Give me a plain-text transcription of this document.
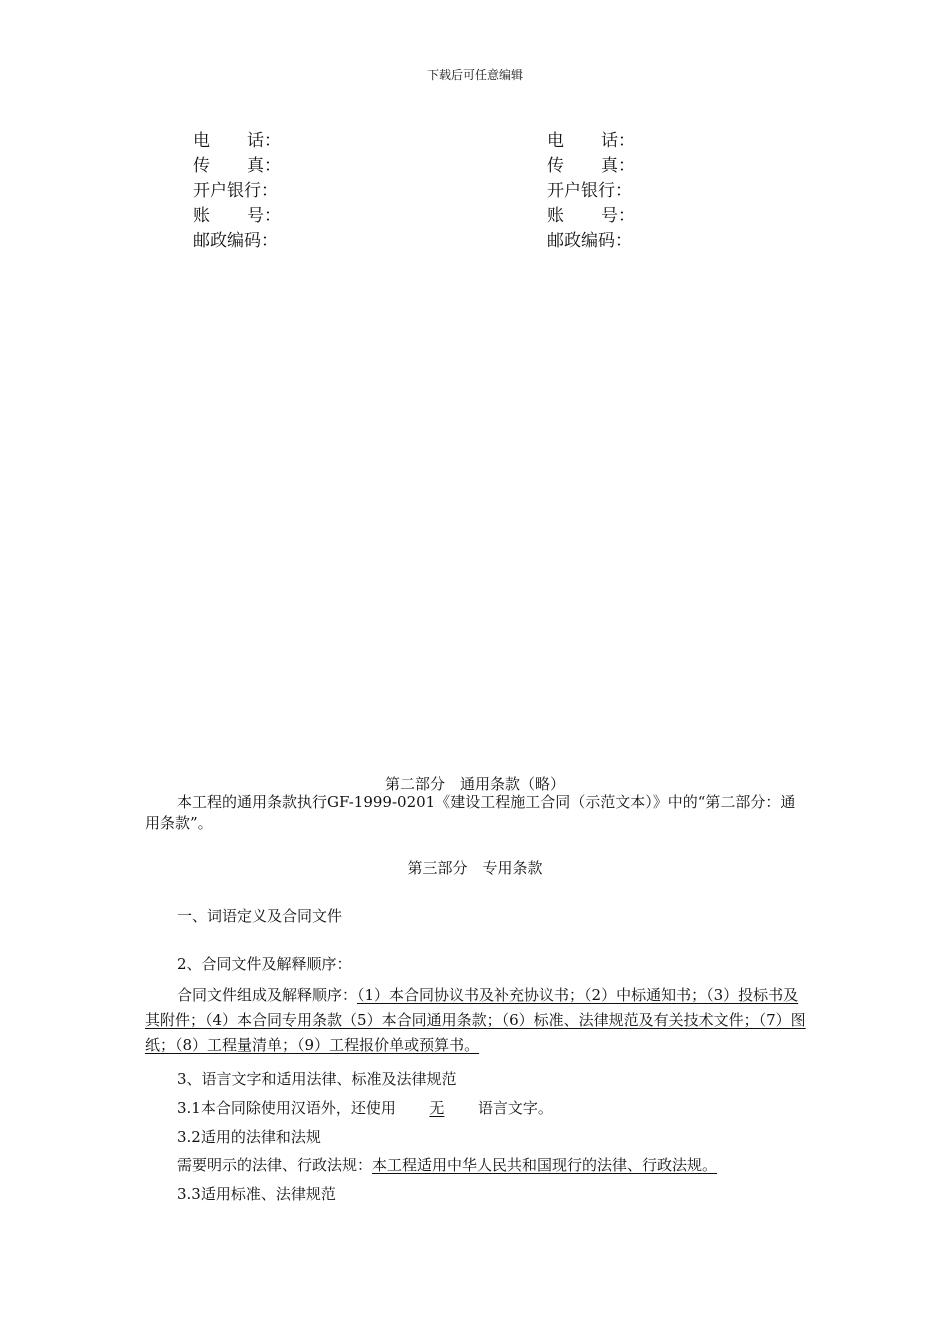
下载后可任意编辑
电 话：
传 真：
开户银行：
账 号：
邮政编码：
电 话：
传 真：
开户银行：
账 号：
邮政编码：
第二部分　通用条款（略）
本工程的通用条款执行GF-1999-0201《建设工程施工合同（示范文本）》中的“第二部分：通用条款”。
第三部分　专用条款
一、词语定义及合同文件
2、合同文件及解释顺序：
合同文件组成及解释顺序：（1）本合同协议书及补充协议书；（2）中标通知书；（3）投标书及其附件；（4）本合同专用条款（5）本合同通用条款；（6）标准、法律规范及有关技术文件；（7）图纸；（8）工程量清单；（9）工程报价单或预算书。
3、语言文字和适用法律、标准及法律规范
3.1本合同除使用汉语外，还使用 无 语言文字。
3.2适用的法律和法规
需要明示的法律、行政法规：本工程适用中华人民共和国现行的法律、行政法规。
3.3适用标准、法律规范
